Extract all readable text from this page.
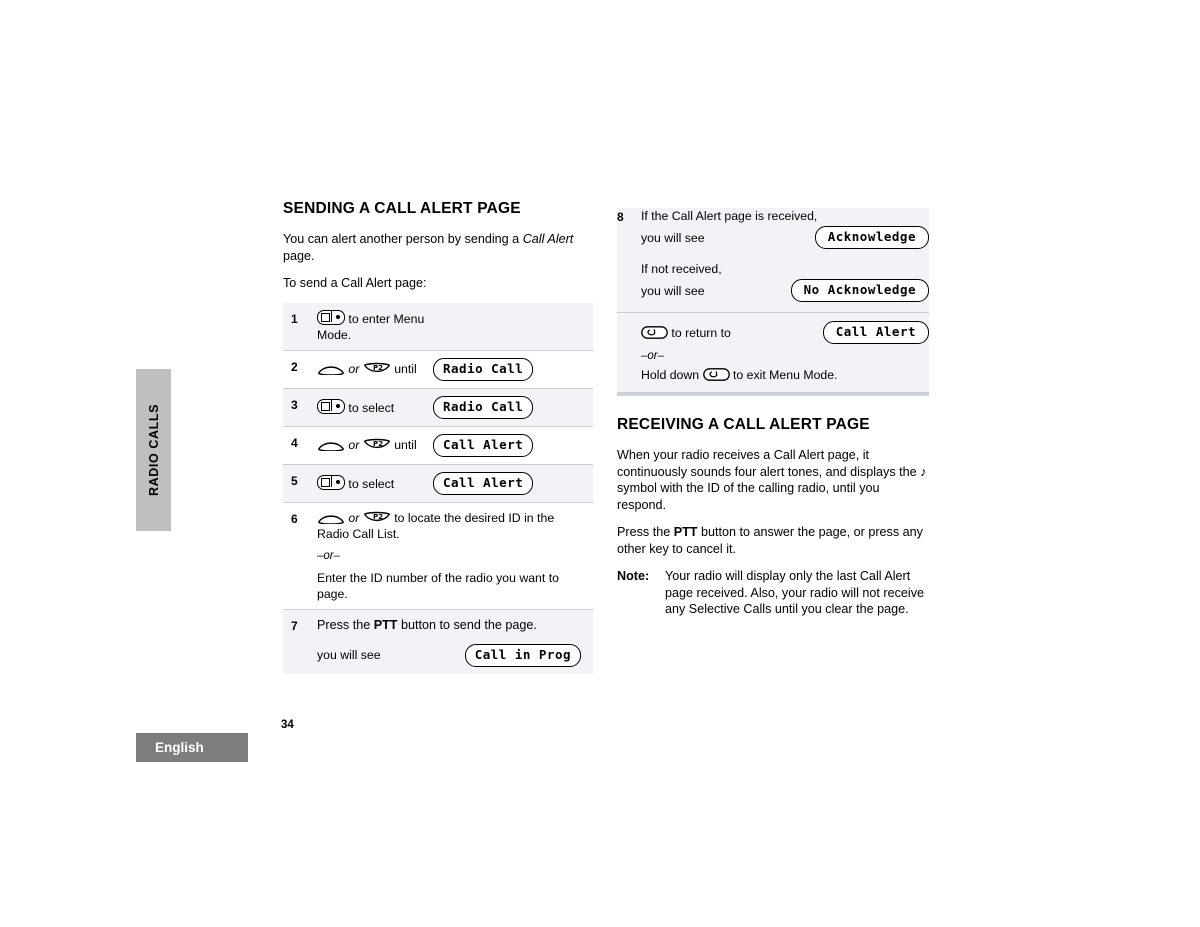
RADIO CALLS
English
34
SENDING A CALL ALERT PAGE

You can alert another person by sending a Call Alert page.

To send a Call Alert page:

1	to enter Menu Mode.	
2	or P2 until	Radio Call
3	to select	Radio Call
4	or P2 until	Call Alert
5	to select	Call Alert
6	or P2 to locate the desired ID in the Radio Call List.
–or–
Enter the ID number of the radio you want to page.	

7	Press the PTT button to send the page.
you will see Call in Prog	
8	If the Call Alert page is received,
you will see	Acknowledge
If not received,
you will see	No Acknowledge
to return to	Call Alert
–or–
Hold down
to exit Menu Mode.
RECEIVING A CALL ALERT PAGE

When your radio receives a Call Alert page, it continuously sounds four alert tones, and displays the ♪ symbol with the ID of the calling radio, until you respond.

Press the PTT button to answer the page, or press any other key to cancel it.

Note:	Your radio will display only the last Call Alert page received. Also, your radio will not receive any Selective Calls until you clear the page.
